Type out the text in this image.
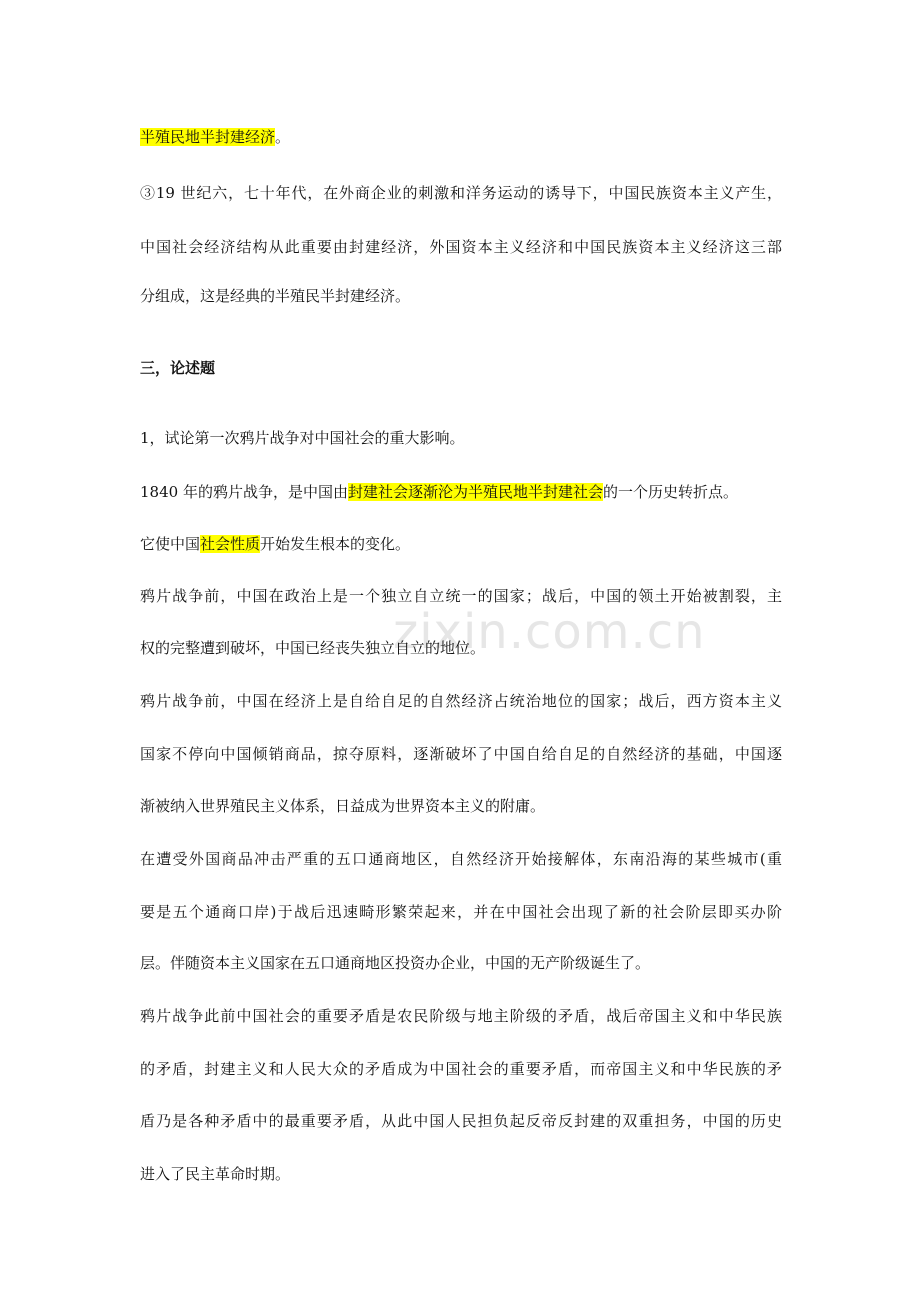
zixin.com.cn
半殖民地半封建经济。
③19 世纪六，七十年代，在外商企业的刺激和洋务运动的诱导下，中国民族资本主义产生，
中国社会经济结构从此重要由封建经济，外国资本主义经济和中国民族资本主义经济这三部
分组成，这是经典的半殖民半封建经济。
三，论述题
1，试论第一次鸦片战争对中国社会的重大影响。
1840 年的鸦片战争，是中国由封建社会逐渐沦为半殖民地半封建社会的一个历史转折点。
它使中国社会性质开始发生根本的变化。
鸦片战争前，中国在政治上是一个独立自立统一的国家；战后，中国的领土开始被割裂，主
权的完整遭到破坏，中国已经丧失独立自立的地位。
鸦片战争前，中国在经济上是自给自足的自然经济占统治地位的国家；战后，西方资本主义
国家不停向中国倾销商品，掠夺原料，逐渐破坏了中国自给自足的自然经济的基础，中国逐
渐被纳入世界殖民主义体系，日益成为世界资本主义的附庸。
在遭受外国商品冲击严重的五口通商地区，自然经济开始接解体，东南沿海的某些城市(重
要是五个通商口岸)于战后迅速畸形繁荣起来，并在中国社会出现了新的社会阶层即买办阶
层。伴随资本主义国家在五口通商地区投资办企业，中国的无产阶级诞生了。
鸦片战争此前中国社会的重要矛盾是农民阶级与地主阶级的矛盾，战后帝国主义和中华民族
的矛盾，封建主义和人民大众的矛盾成为中国社会的重要矛盾，而帝国主义和中华民族的矛
盾乃是各种矛盾中的最重要矛盾，从此中国人民担负起反帝反封建的双重担务，中国的历史
进入了民主革命时期。
